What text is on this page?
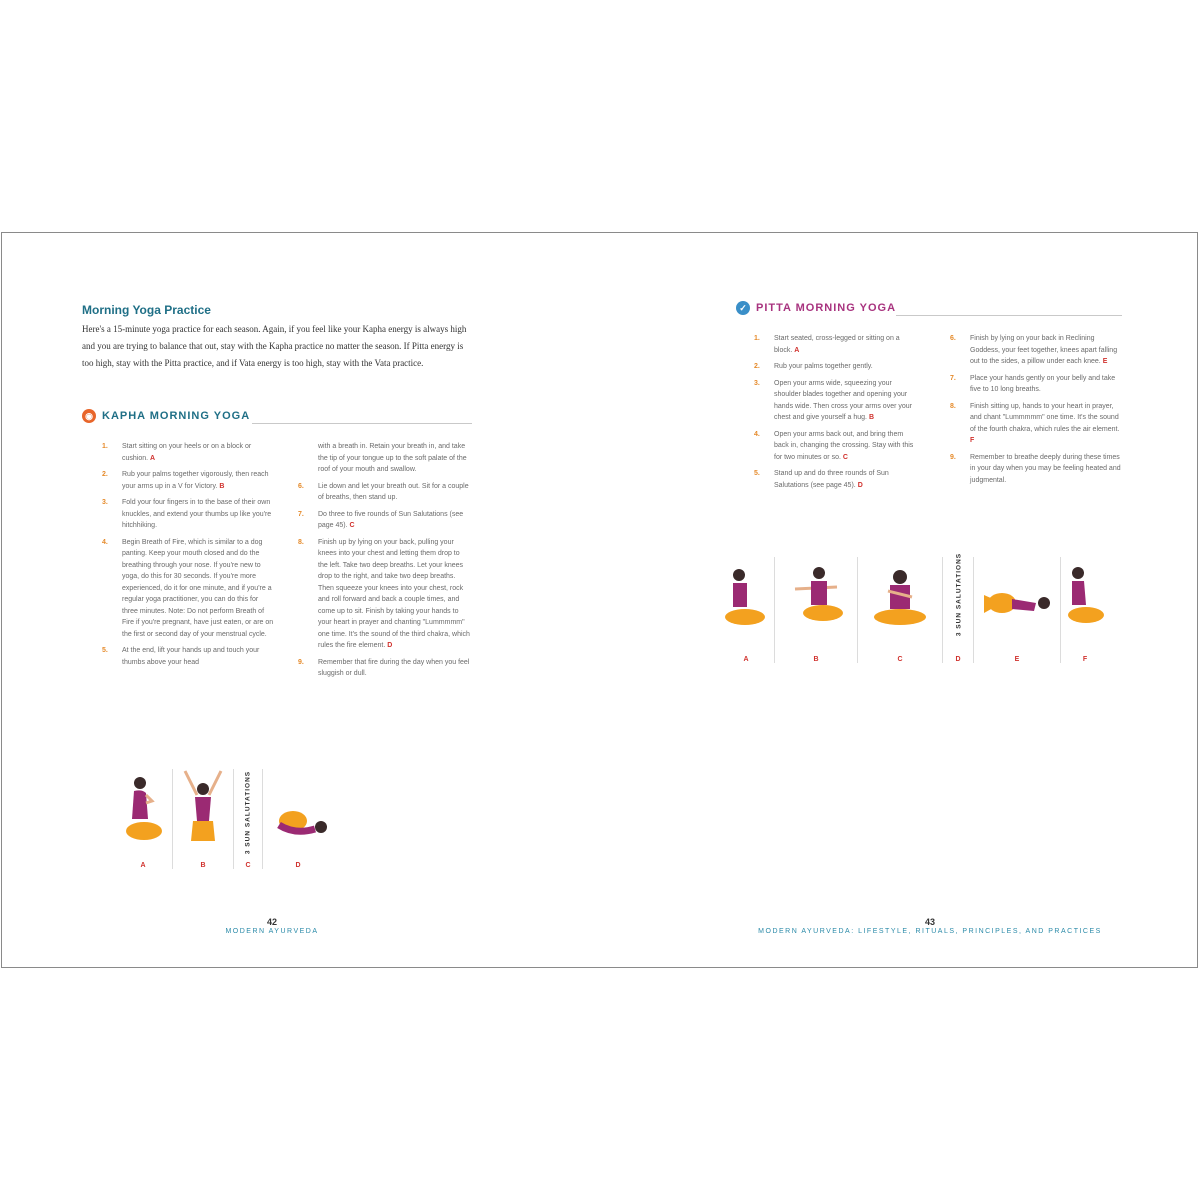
Morning Yoga Practice
Here's a 15-minute yoga practice for each season. Again, if you feel like your Kapha energy is always high and you are trying to balance that out, stay with the Kapha practice no matter the season. If Pitta energy is too high, stay with the Pitta practice, and if Vata energy is too high, stay with the Vata practice.
◉ KAPHA MORNING YOGA
1. Start sitting on your heels or on a block or cushion. A
2. Rub your palms together vigorously, then reach your arms up in a V for Victory. B
3. Fold your four fingers in to the base of their own knuckles, and extend your thumbs up like you're hitchhiking.
4. Begin Breath of Fire, which is similar to a dog panting. Keep your mouth closed and do the breathing through your nose. If you're new to yoga, do this for 30 seconds. If you're more experienced, do it for one minute, and if you're a regular yoga practitioner, you can do this for three minutes. Note: Do not perform Breath of Fire if you're pregnant, have just eaten, or are on the first or second day of your menstrual cycle.
5. At the end, lift your hands up and touch your thumbs above your head
with a breath in. Retain your breath in, and take the tip of your tongue up to the soft palate of the roof of your mouth and swallow.
6. Lie down and let your breath out. Sit for a couple of breaths, then stand up.
7. Do three to five rounds of Sun Salutations (see page 45). C
8. Finish up by lying on your back, pulling your knees into your chest and letting them drop to the left. Take two deep breaths. Let your knees drop to the right, and take two deep breaths. Then squeeze your knees into your chest, rock and roll forward and back a couple times, and come up to sit. Finish by taking your hands to your heart in prayer and chanting "Lummmmm" one time. It's the sound of the third chakra, which rules the fire element. D
9. Remember that fire during the day when you feel sluggish or dull.
A	B
3 SUN SALUTATIONS
C	D
42
MODERN AYURVEDA
✓ PITTA MORNING YOGA
1. Start seated, cross-legged or sitting on a block. A
2. Rub your palms together gently.
3. Open your arms wide, squeezing your shoulder blades together and opening your hands wide. Then cross your arms over your chest and give yourself a hug. B
4. Open your arms back out, and bring them back in, changing the crossing. Stay with this for two minutes or so. C
5. Stand up and do three rounds of Sun Salutations (see page 45). D
6. Finish by lying on your back in Reclining Goddess, your feet together, knees apart falling out to the sides, a pillow under each knee. E
7. Place your hands gently on your belly and take five to 10 long breaths.
8. Finish sitting up, hands to your heart in prayer, and chant "Lummmmm" one time. It's the sound of the fourth chakra, which rules the air element. F
9. Remember to breathe deeply during these times in your day when you may be feeling heated and judgmental.
A	B	C
3 SUN SALUTATIONS
D	E	F
43
MODERN AYURVEDA: LIFESTYLE, RITUALS, PRINCIPLES, AND PRACTICES
